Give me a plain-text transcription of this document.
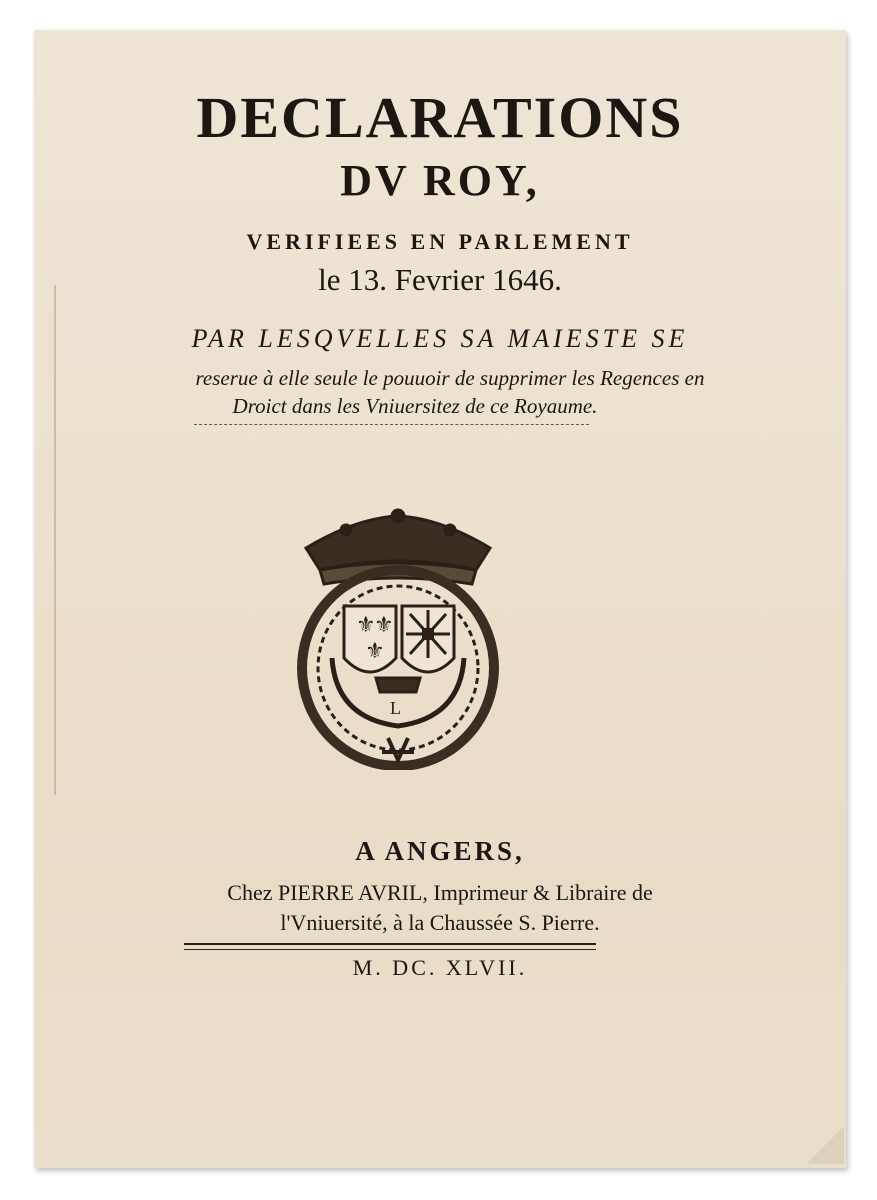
DECLARATIONS
DV ROY,
VERIFIEES EN PARLEMENT
le 13. Fevrier 1646.
PAR LESQVELLES SA MAIESTE SE
reserue à elle seule le pouuoir de supprimer les Regences en
Droict dans les Vniuersitez de ce Royaume.
⚜
⚜
⚜
L
A ANGERS,
Chez PIERRE AVRIL, Imprimeur & Libraire de
l'Vniuersité, à la Chaussée S. Pierre.
M. DC. XLVII.
